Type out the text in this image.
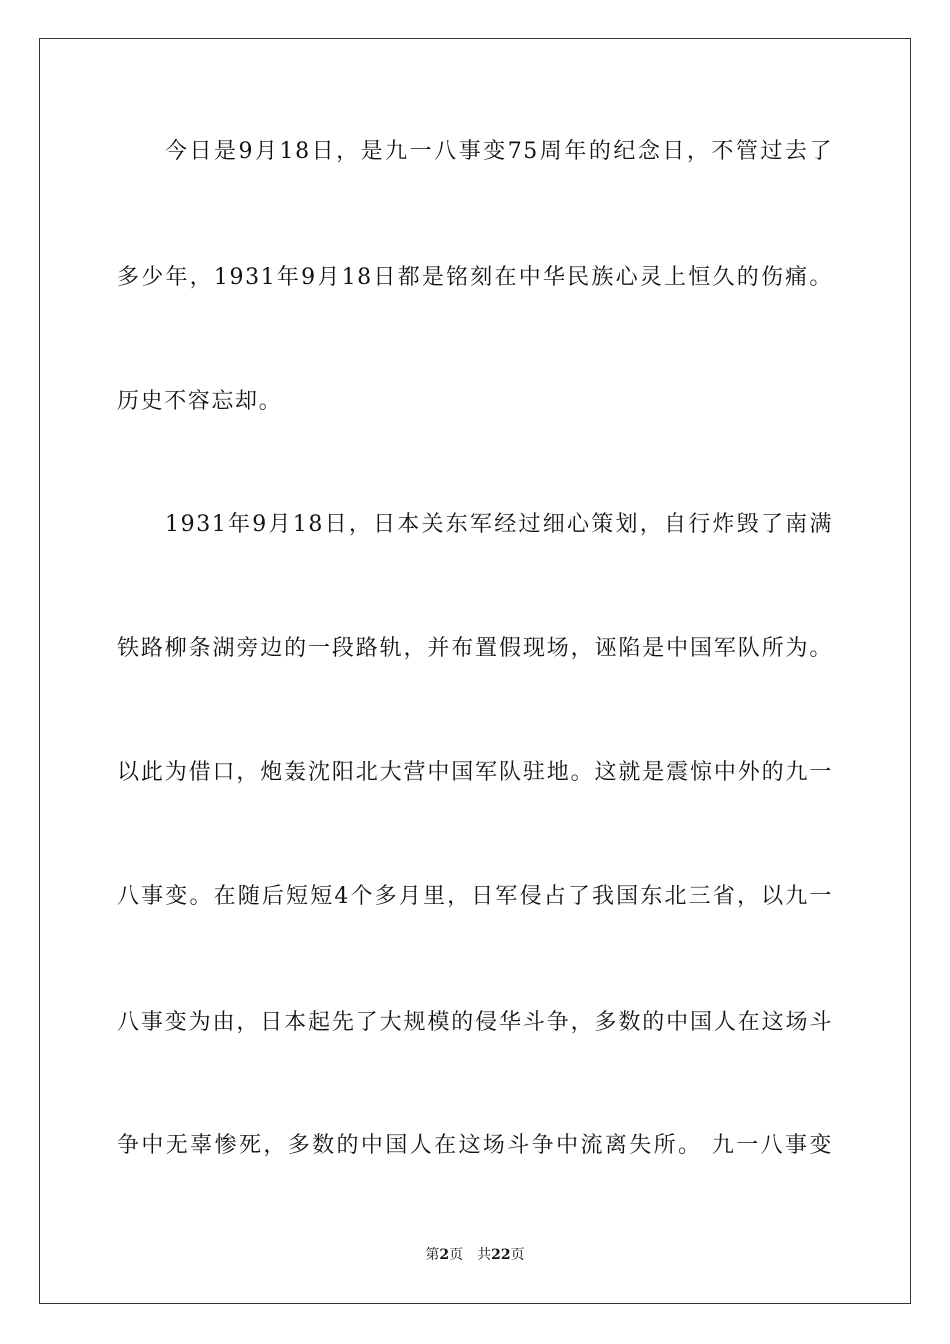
今日是9月18日，是九一八事变75周年的纪念日，不管过去了
多少年，1931年9月18日都是铭刻在中华民族心灵上恒久的伤痛。
历史不容忘却。
1931年9月18日，日本关东军经过细心策划，自行炸毁了南满
铁路柳条湖旁边的一段路轨，并布置假现场，诬陷是中国军队所为。
以此为借口，炮轰沈阳北大营中国军队驻地。这就是震惊中外的九一
八事变。在随后短短4个多月里，日军侵占了我国东北三省，以九一
八事变为由，日本起先了大规模的侵华斗争，多数的中国人在这场斗
争中无辜惨死，多数的中国人在这场斗争中流离失所。 九一八事变
第2页 共22页
